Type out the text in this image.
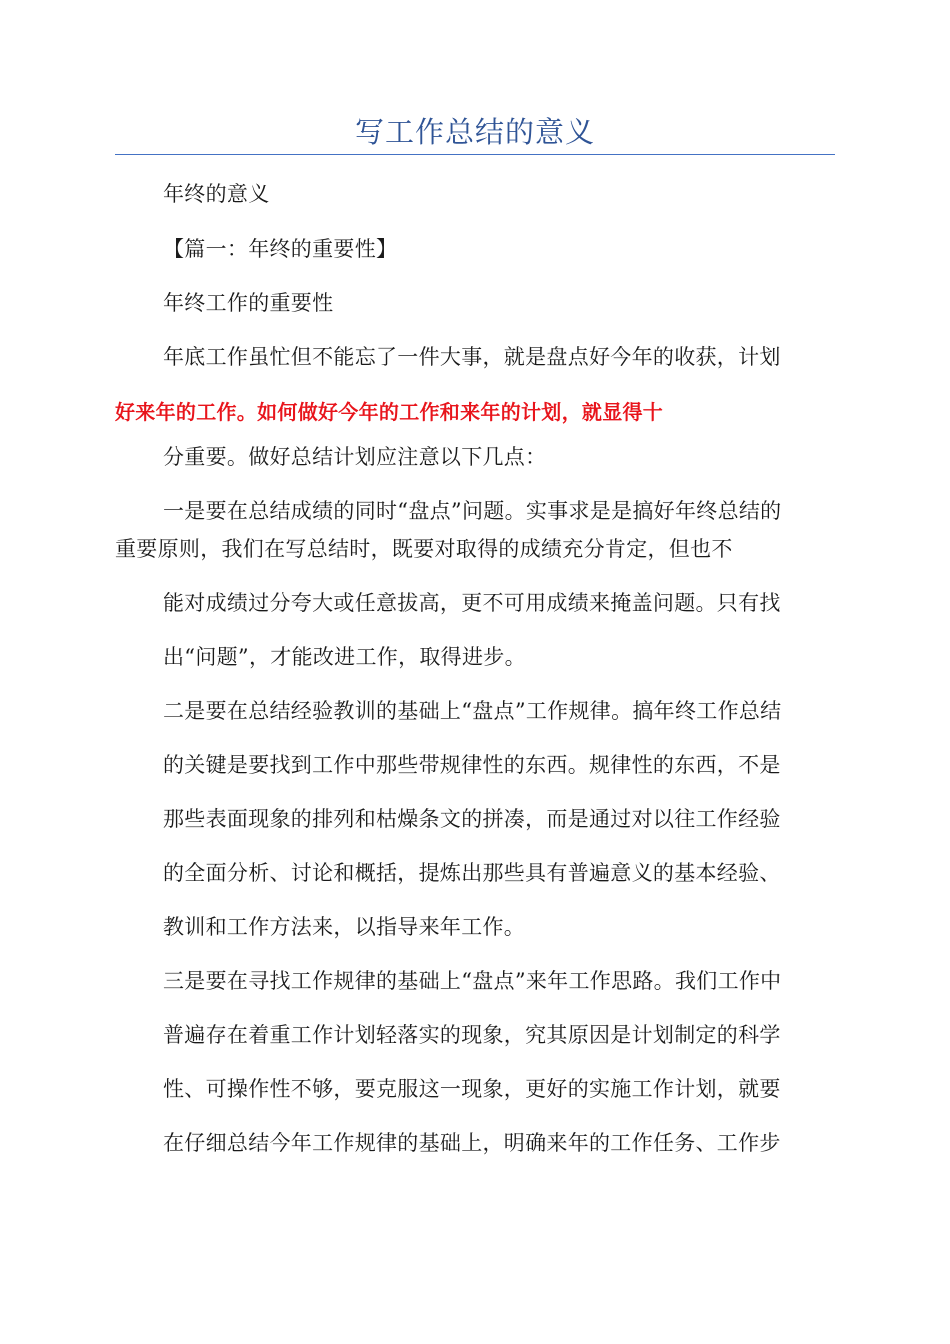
写工作总结的意义
年终的意义
【篇一：年终的重要性】
年终工作的重要性
年底工作虽忙但不能忘了一件大事，就是盘点好今年的收获，计划
好来年的工作。如何做好今年的工作和来年的计划，就显得十
分重要。做好总结计划应注意以下几点：
一是要在总结成绩的同时“盘点”问题。实事求是是搞好年终总结的
重要原则，我们在写总结时，既要对取得的成绩充分肯定，但也不
能对成绩过分夸大或任意拔高，更不可用成绩来掩盖问题。只有找
出“问题”，才能改进工作，取得进步。
二是要在总结经验教训的基础上“盘点”工作规律。搞年终工作总结
的关键是要找到工作中那些带规律性的东西。规律性的东西，不是
那些表面现象的排列和枯燥条文的拼凑，而是通过对以往工作经验
的全面分析、讨论和概括，提炼出那些具有普遍意义的基本经验、
教训和工作方法来，以指导来年工作。
三是要在寻找工作规律的基础上“盘点”来年工作思路。我们工作中
普遍存在着重工作计划轻落实的现象，究其原因是计划制定的科学
性、可操作性不够，要克服这一现象，更好的实施工作计划，就要
在仔细总结今年工作规律的基础上，明确来年的工作任务、工作步
